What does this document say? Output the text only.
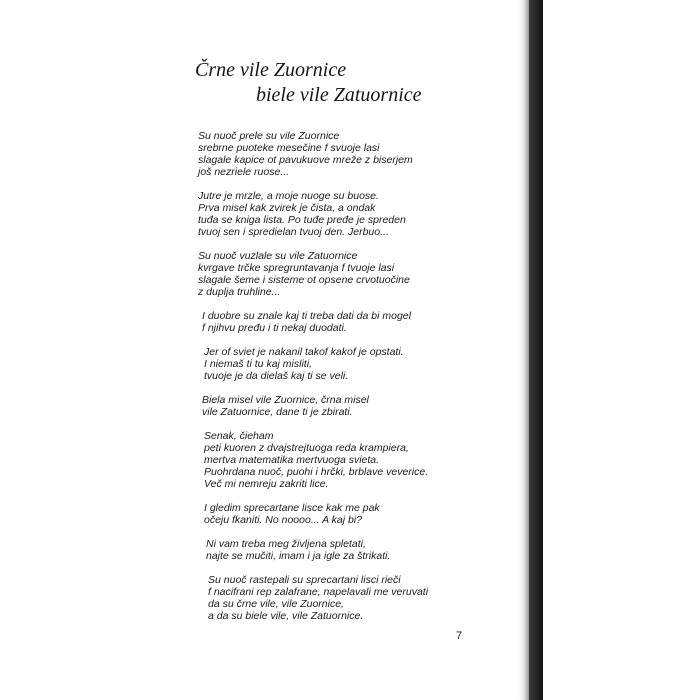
Črne vile Zuornice
biele vile Zatuornice

Su nuoč prele su vile Zuornice
srebrne puoteke mesečine f svuoje lasi
slagale kapice ot pavukuove mreže z biserjem
još nezriele ruose...

Jutre je mrzle, a moje nuoge su buose.
Prva misel kak zvirek je čista, a ondak
tuđa se kniga lista. Po tuđe prеđe je spreden
tvuoj sen i spredielan tvuoj den. Jerbuo...

Su nuoč vuzlale su vile Zatuornice
kvrgave trčke spregruntavanja f tvuoje lasi
slagale šeme i sisteme ot opsene crvotuočine
z duplja truhline...

I duobre su znale kaj ti treba dati da bi mogel
f njihvu pređu i ti nekaj duodati.

Jer of sviet je nakanil takof kakof je opstati.
I niemaš ti tu kaj misliti,
tvuoje je da dielaš kaj ti se veli.

Biela misel vile Zuornice, črna misel
vile Zatuornice, dane ti je zbirati.

Senak, čieham
peti kuoren z dvajstrejtuoga reda krampiera,
mertva matematika mertvuoga svieta.
Puohrdana nuoč, puohi i hrčki, brblave veverice.
Več mi nemreju zakriti lice.

I gledim sprecartane lisce kak me pak
očeju fkaniti. No noooo... A kaj bi?

Ni vam treba meg življena spletati,
najte se mučiti, imam i ja igle za štrikati.

Su nuoč rastepali su sprecartani lisci rieči
f nacifrani rep zalafrane, napelavali me veruvati
da su črne vile, vile Zuornice,
a da su biele vile, vile Zatuornice.

7
